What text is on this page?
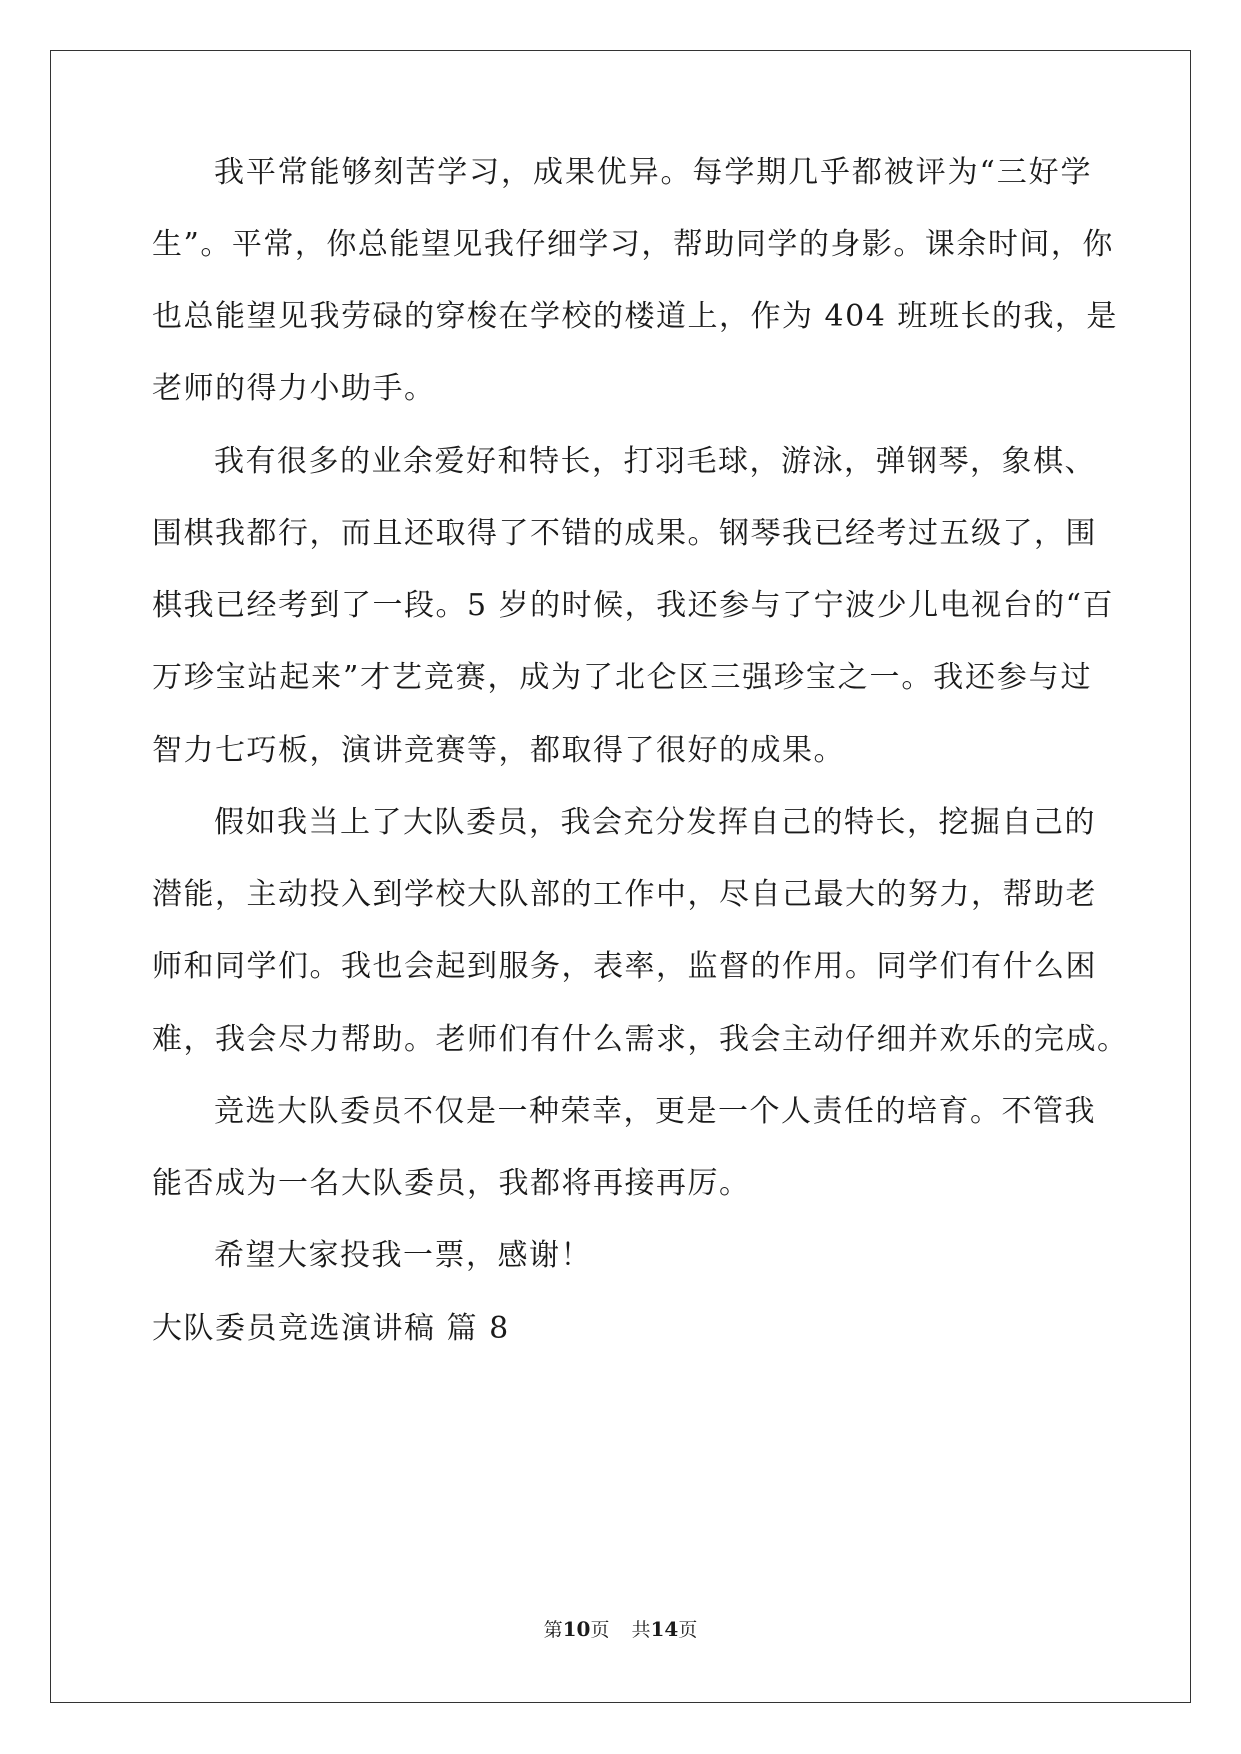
我平常能够刻苦学习，成果优异。每学期几乎都被评为“三好学
生”。平常，你总能望见我仔细学习，帮助同学的身影。课余时间，你
也总能望见我劳碌的穿梭在学校的楼道上，作为 404 班班长的我，是
老师的得力小助手。
我有很多的业余爱好和特长，打羽毛球，游泳，弹钢琴，象棋、
围棋我都行，而且还取得了不错的成果。钢琴我已经考过五级了，围
棋我已经考到了一段。5 岁的时候，我还参与了宁波少儿电视台的“百
万珍宝站起来”才艺竞赛，成为了北仑区三强珍宝之一。我还参与过
智力七巧板，演讲竞赛等，都取得了很好的成果。
假如我当上了大队委员，我会充分发挥自己的特长，挖掘自己的
潜能，主动投入到学校大队部的工作中，尽自己最大的努力，帮助老
师和同学们。我也会起到服务，表率，监督的作用。同学们有什么困
难，我会尽力帮助。老师们有什么需求，我会主动仔细并欢乐的完成。
竞选大队委员不仅是一种荣幸，更是一个人责任的培育。不管我
能否成为一名大队委员，我都将再接再厉。
希望大家投我一票，感谢！
大队委员竞选演讲稿 篇 8
第10页 共14页
